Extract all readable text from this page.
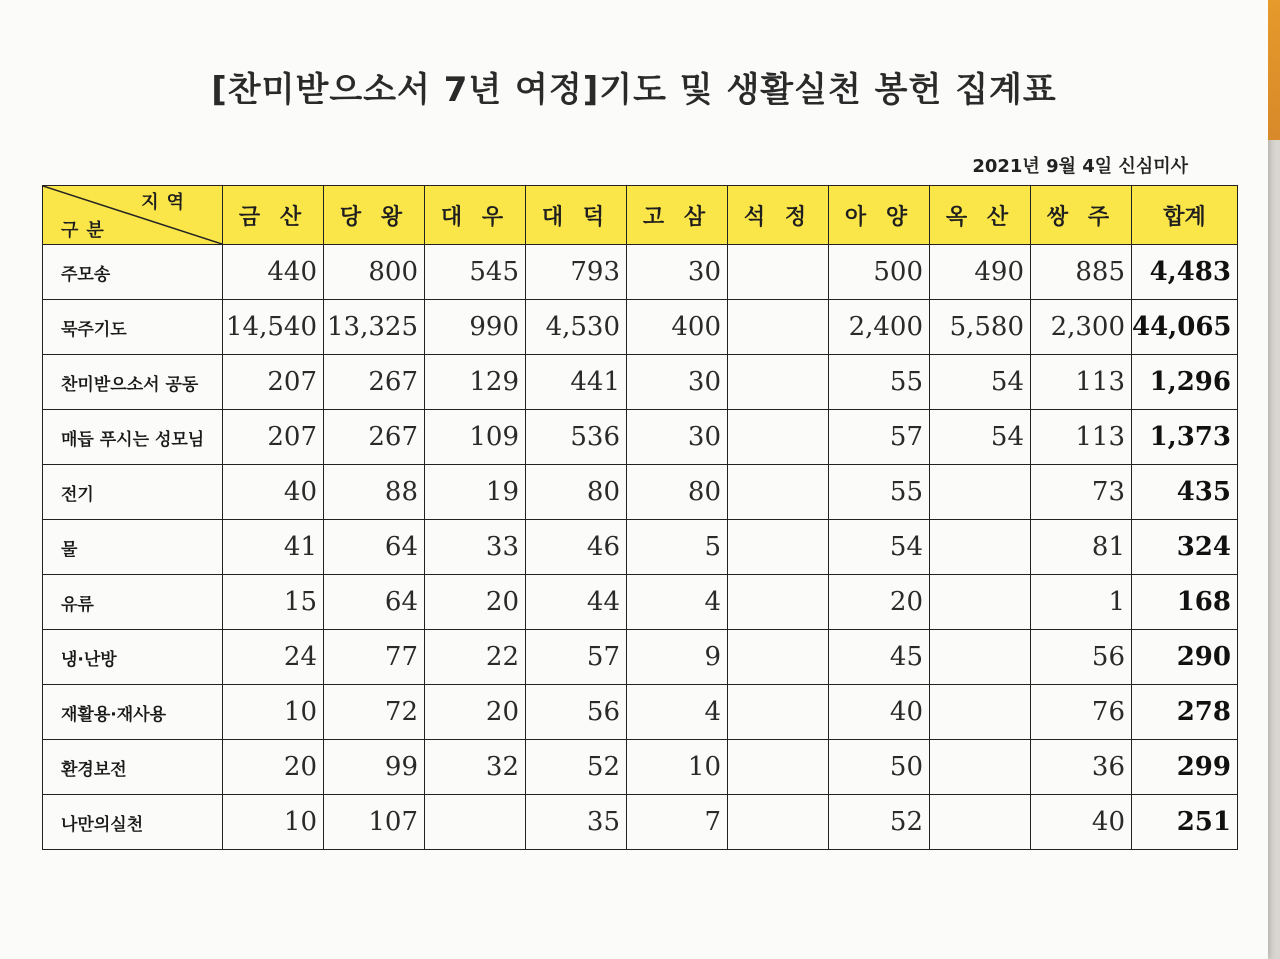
[찬미받으소서 7년 여정]기도 및 생활실천 봉헌 집계표
2021년 9월 4일 신심미사
지역
구분	금 산	당 왕	대 우	대 덕	고 삼	석 정	아 양	옥 산	쌍 주	합계
주모송	440	800	545	793	30		500	490	885	4,483
묵주기도	14,540	13,325	990	4,530	400		2,400	5,580	2,300	44,065
찬미받으소서 공동	207	267	129	441	30		55	54	113	1,296
매듭 푸시는 성모님	207	267	109	536	30		57	54	113	1,373
전기	40	88	19	80	80		55		73	435
물	41	64	33	46	5		54		81	324
유류	15	64	20	44	4		20		1	168
냉·난방	24	77	22	57	9		45		56	290
재활용·재사용	10	72	20	56	4		40		76	278
환경보전	20	99	32	52	10		50		36	299
나만의실천	10	107		35	7		52		40	251
